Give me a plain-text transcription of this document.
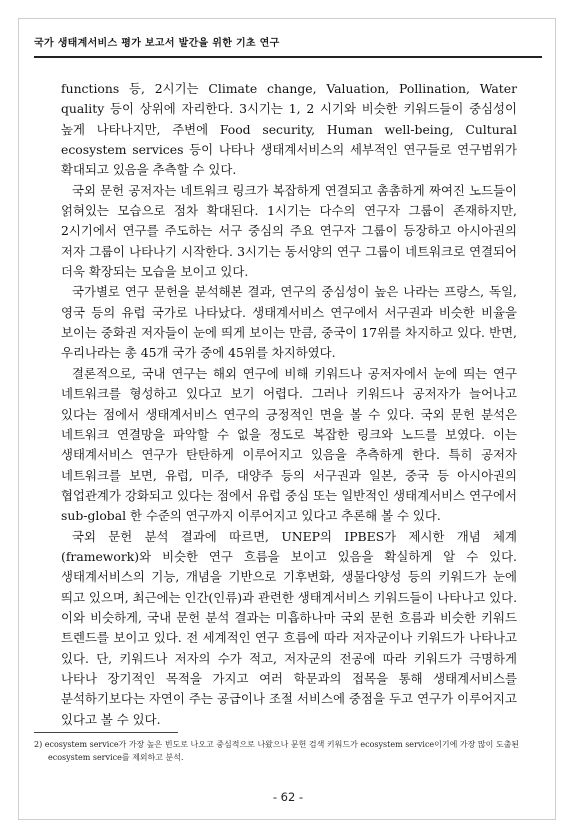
국가 생태계서비스 평가 보고서 발간을 위한 기초 연구

functions 등, 2시기는 Climate change, Valuation, Pollination, Water quality 등이 상위에 자리한다. 3시기는 1, 2 시기와 비슷한 키워드들이 중심성이 높게 나타나지만, 주변에 Food security, Human well-being, Cultural ecosystem services 등이 나타나 생태계서비스의 세부적인 연구들로 연구범위가 확대되고 있음을 추측할 수 있다.

국외 문헌 공저자는 네트워크 링크가 복잡하게 연결되고 촘촘하게 짜여진 노드들이 얽혀있는 모습으로 점차 확대된다. 1시기는 다수의 연구자 그룹이 존재하지만, 2시기에서 연구를 주도하는 서구 중심의 주요 연구자 그룹이 등장하고 아시아권의 저자 그룹이 나타나기 시작한다. 3시기는 동서양의 연구 그룹이 네트워크로 연결되어 더욱 확장되는 모습을 보이고 있다.

국가별로 연구 문헌을 분석해본 결과, 연구의 중심성이 높은 나라는 프랑스, 독일, 영국 등의 유럽 국가로 나타났다. 생태계서비스 연구에서 서구권과 비슷한 비율을 보이는 중화권 저자들이 눈에 띄게 보이는 만큼, 중국이 17위를 차지하고 있다. 반면, 우리나라는 총 45개 국가 중에 45위를 차지하였다.

결론적으로, 국내 연구는 해외 연구에 비해 키워드나 공저자에서 눈에 띄는 연구 네트워크를 형성하고 있다고 보기 어렵다. 그러나 키워드나 공저자가 늘어나고 있다는 점에서 생태계서비스 연구의 긍정적인 면을 볼 수 있다. 국외 문헌 분석은 네트워크 연결망을 파악할 수 없을 정도로 복잡한 링크와 노드를 보였다. 이는 생태계서비스 연구가 탄탄하게 이루어지고 있음을 추측하게 한다. 특히 공저자 네트워크를 보면, 유럽, 미주, 대양주 등의 서구권과 일본, 중국 등 아시아권의 협업관계가 강화되고 있다는 점에서 유럽 중심 또는 일반적인 생태계서비스 연구에서 sub-global 한 수준의 연구까지 이루어지고 있다고 추론해 볼 수 있다.

국외 문헌 분석 결과에 따르면, UNEP의 IPBES가 제시한 개념 체계(framework)와 비슷한 연구 흐름을 보이고 있음을 확실하게 알 수 있다. 생태계서비스의 기능, 개념을 기반으로 기후변화, 생물다양성 등의 키워드가 눈에 띄고 있으며, 최근에는 인간(인류)과 관련한 생태계서비스 키워드들이 나타나고 있다. 이와 비슷하게, 국내 문헌 분석 결과는 미흡하나마 국외 문헌 흐름과 비슷한 키워드 트렌드를 보이고 있다. 전 세계적인 연구 흐름에 따라 저자군이나 키워드가 나타나고 있다. 단, 키워드나 저자의 수가 적고, 저자군의 전공에 따라 키워드가 극명하게 나타나 장기적인 목적을 가지고 여러 학문과의 접목을 통해 생태계서비스를 분석하기보다는 자연이 주는 공급이나 조절 서비스에 중점을 두고 연구가 이루어지고 있다고 볼 수 있다.

2) ecosystem service가 가장 높은 빈도로 나오고 중심적으로 나왔으나 문헌 검색 키워드가 ecosystem service이기에 가장 많이 도출된 ecosystem service를 제외하고 분석.
- 62 -
